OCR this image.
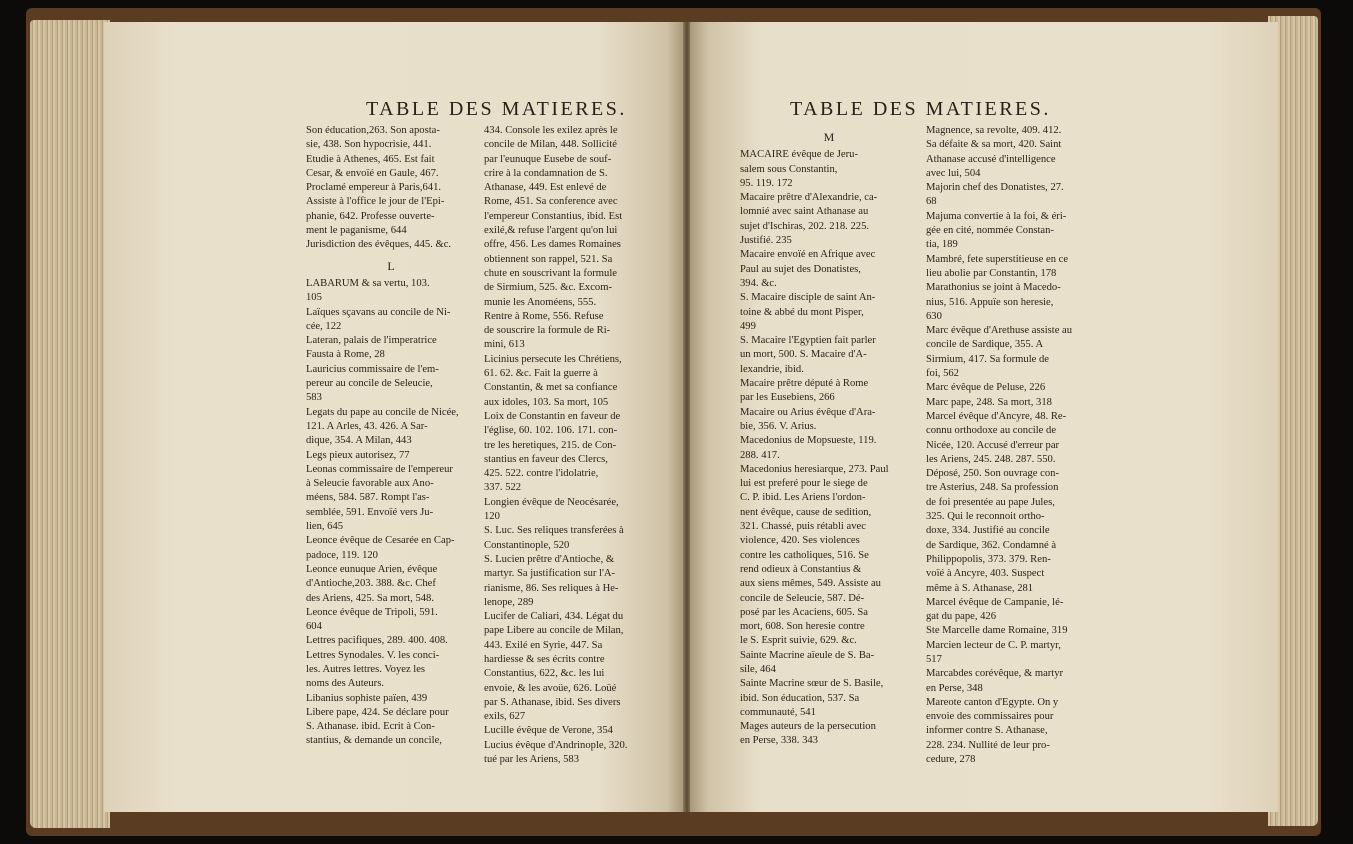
TABLE DES MATIERES.
Son éducation,263. Son aposta-
sie, 438. Son hypocrisie, 441.
Etudie à Athenes, 465. Est fait
Cesar, & envoïé en Gaule, 467.
Proclamé empereur à Paris,641.
Assiste à l'office le jour de l'Epi-
phanie, 642. Professe ouverte-
ment le paganisme, 644
Jurisdiction des évêques, 445. &c.
L
LABARUM & sa vertu, 103.
105
Laïques sçavans au concile de Ni-
cée, 122
Lateran, palais de l'imperatrice
Fausta à Rome, 28
Lauricius commissaire de l'em-
pereur au concile de Seleucie,
583
Legats du pape au concile de Nicée,
121. A Arles, 43. 426. A Sar-
dique, 354. A Milan, 443
Legs pieux autorisez, 77
Leonas commissaire de l'empereur
à Seleucie favorable aux Ano-
méens, 584. 587. Rompt l'as-
semblée, 591. Envoïé vers Ju-
lien, 645
Leonce évêque de Cesarée en Cap-
padoce, 119. 120
Leonce eunuque Arien, évêque
d'Antioche,203. 388. &c. Chef
des Ariens, 425. Sa mort, 548.
Leonce évêque de Tripoli, 591.
604
Lettres pacifiques, 289. 400. 408.
Lettres Synodales. V. les conci-
les. Autres lettres. Voyez les
noms des Auteurs.
Libanius sophiste païen, 439
Libere pape, 424. Se déclare pour
S. Athanase. ibid. Ecrit à Con-
stantius, & demande un concile,
434. Console les exilez après le
concile de Milan, 448. Sollicité
par l'eunuque Eusebe de souf-
crire à la condamnation de S.
Athanase, 449. Est enlevé de
Rome, 451. Sa conference avec
l'empereur Constantius, ibid. Est
exilé,& refuse l'argent qu'on lui
offre, 456. Les dames Romaines
obtiennent son rappel, 521. Sa
chute en souscrivant la formule
de Sirmium, 525. &c. Excom-
munie les Anoméens, 555.
Rentre à Rome, 556. Refuse
de souscrire la formule de Ri-
mini, 613
Licinius persecute les Chrétiens,
61. 62. &c. Fait la guerre à
Constantin, & met sa confiance
aux idoles, 103. Sa mort, 105
Loix de Constantin en faveur de
l'église, 60. 102. 106. 171. con-
tre les heretiques, 215. de Con-
stantius en faveur des Clercs,
425. 522. contre l'idolatrie,
337. 522
Longien évêque de Neocésarée,
120
S. Luc. Ses reliques transferées à
Constantinople, 520
S. Lucien prêtre d'Antioche, &
martyr. Sa justification sur l'A-
rianisme, 86. Ses reliques à He-
lenope, 289
Lucifer de Caliari, 434. Légat du
pape Libere au concile de Milan,
443. Exilé en Syrie, 447. Sa
hardiesse & ses écrits contre
Constantius, 622, &c. les lui
envoie, & les avoüe, 626. Loüé
par S. Athanase, ibid. Ses divers
exils, 627
Lucille évêque de Verone, 354
Lucius évêque d'Andrinople, 320.
tué par les Ariens, 583
TABLE DES MATIERES.
M
MACAIRE évêque de Jeru-
salem sous Constantin,
95. 119. 172
Macaire prêtre d'Alexandrie, ca-
lomnié avec saint Athanase au
sujet d'Ischiras, 202. 218. 225.
Justifié. 235
Macaire envoïé en Afrique avec
Paul au sujet des Donatistes,
394. &c.
S. Macaire disciple de saint An-
toine & abbé du mont Pisper,
499
S. Macaire l'Egyptien fait parler
un mort, 500. S. Macaire d'A-
lexandrie, ibid.
Macaire prêtre député à Rome
par les Eusebiens, 266
Macaire ou Arius évêque d'Ara-
bie, 356. V. Arius.
Macedonius de Mopsueste, 119.
288. 417.
Macedonius heresiarque, 273. Paul
lui est preferé pour le siege de
C. P. ibid. Les Ariens l'ordon-
nent évêque, cause de sedition,
321. Chassé, puis rétabli avec
violence, 420. Ses violences
contre les catholiques, 516. Se
rend odieux à Constantius &
aux siens mêmes, 549. Assiste au
concile de Seleucie, 587. Dé-
posé par les Acaciens, 605. Sa
mort, 608. Son heresie contre
le S. Esprit suivie, 629. &c.
Sainte Macrine aïeule de S. Ba-
sile, 464
Sainte Macrine sœur de S. Basile,
ibid. Son éducation, 537. Sa
communauté, 541
Mages auteurs de la persecution
en Perse, 338. 343
Magnence, sa revolte, 409. 412.
Sa défaite & sa mort, 420. Saint
Athanase accusé d'intelligence
avec lui, 504
Majorin chef des Donatistes, 27.
68
Majuma convertie à la foi, & éri-
gée en cité, nommée Constan-
tia, 189
Mambré, fete superstitieuse en ce
lieu abolie par Constantin, 178
Marathonius se joint à Macedo-
nius, 516. Appuïe son heresie,
630
Marc évêque d'Arethuse assiste au
concile de Sardique, 355. A
Sirmium, 417. Sa formule de
foi, 562
Marc évêque de Peluse, 226
Marc pape, 248. Sa mort, 318
Marcel évêque d'Ancyre, 48. Re-
connu orthodoxe au concile de
Nicée, 120. Accusé d'erreur par
les Ariens, 245. 248. 287. 550.
Déposé, 250. Son ouvrage con-
tre Asterius, 248. Sa profession
de foi presentée au pape Jules,
325. Qui le reconnoit ortho-
doxe, 334. Justifié au concile
de Sardique, 362. Condamné à
Philippopolis, 373. 379. Ren-
voïé à Ancyre, 403. Suspect
même à S. Athanase, 281
Marcel évêque de Campanie, lé-
gat du pape, 426
Ste Marcelle dame Romaine, 319
Marcien lecteur de C. P. martyr,
517
Marcabdes corévêque, & martyr
en Perse, 348
Mareote canton d'Egypte. On y
envoie des commissaires pour
informer contre S. Athanase,
228. 234. Nullité de leur pro-
cedure, 278
